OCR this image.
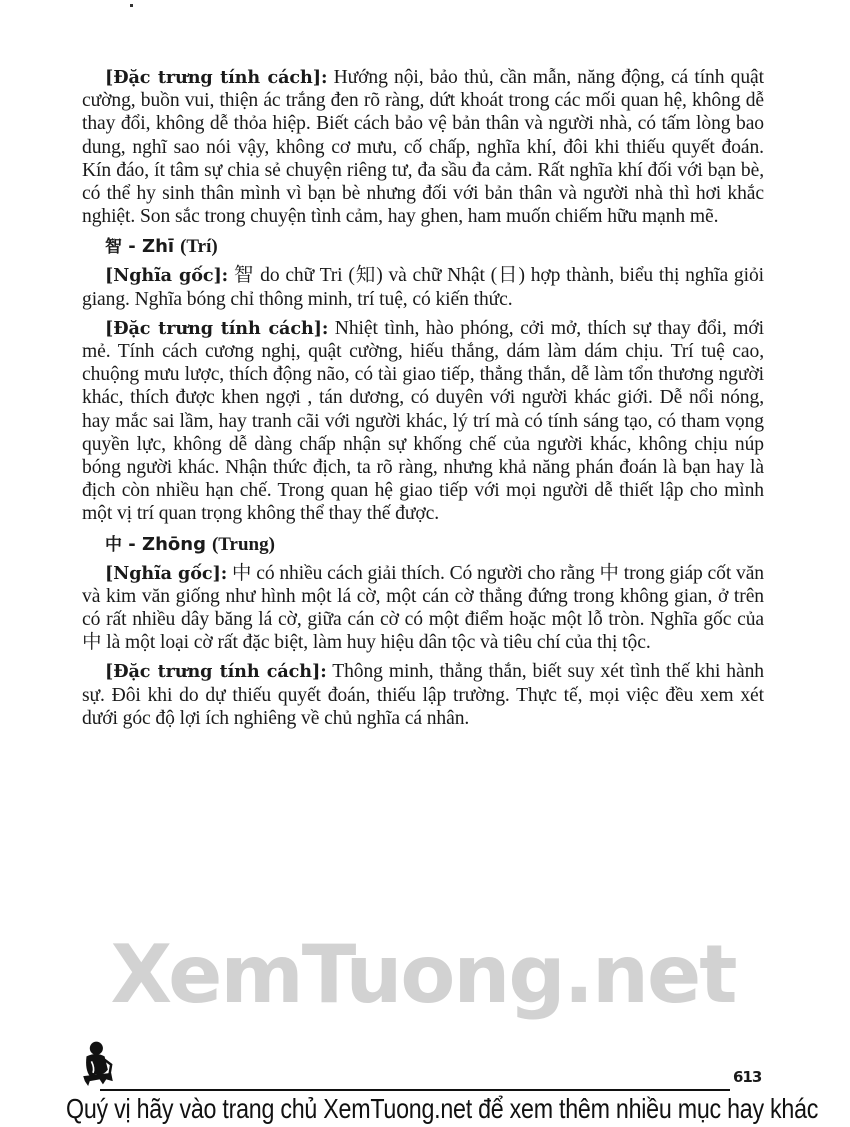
[Đặc trưng tính cách]: Hướng nội, bảo thủ, cần mẫn, năng động, cá tính quật cường, buồn vui, thiện ác trắng đen rõ ràng, dứt khoát trong các mối quan hệ, không dễ thay đổi, không dễ thỏa hiệp. Biết cách bảo vệ bản thân và người nhà, có tấm lòng bao dung, nghĩ sao nói vậy, không cơ mưu, cố chấp, nghĩa khí, đôi khi thiếu quyết đoán. Kín đáo, ít tâm sự chia sẻ chuyện riêng tư, đa sầu đa cảm. Rất nghĩa khí đối với bạn bè, có thể hy sinh thân mình vì bạn bè nhưng đối với bản thân và người nhà thì hơi khắc nghiệt. Son sắc trong chuyện tình cảm, hay ghen, ham muốn chiếm hữu mạnh mẽ.

智 - Zhī (Trí)

[Nghĩa gốc]: 智 do chữ Tri (知) và chữ Nhật (日) hợp thành, biểu thị nghĩa giỏi giang. Nghĩa bóng chỉ thông minh, trí tuệ, có kiến thức.

[Đặc trưng tính cách]: Nhiệt tình, hào phóng, cởi mở, thích sự thay đổi, mới mẻ. Tính cách cương nghị, quật cường, hiếu thắng, dám làm dám chịu. Trí tuệ cao, chuộng mưu lược, thích động não, có tài giao tiếp, thẳng thắn, dễ làm tổn thương người khác, thích được khen ngợi , tán dương, có duyên với người khác giới. Dễ nổi nóng, hay mắc sai lầm, hay tranh cãi với người khác, lý trí mà có tính sáng tạo, có tham vọng quyền lực, không dễ dàng chấp nhận sự khống chế của người khác, không chịu núp bóng người khác. Nhận thức địch, ta rõ ràng, nhưng khả năng phán đoán là bạn hay là địch còn nhiều hạn chế. Trong quan hệ giao tiếp với mọi người dễ thiết lập cho mình một vị trí quan trọng không thể thay thế được.

中 - Zhōng (Trung)

[Nghĩa gốc]: 中 có nhiều cách giải thích. Có người cho rằng 中 trong giáp cốt văn và kim văn giống như hình một lá cờ, một cán cờ thẳng đứng trong không gian, ở trên có rất nhiều dây băng lá cờ, giữa cán cờ có một điểm hoặc một lỗ tròn. Nghĩa gốc của 中 là một loại cờ rất đặc biệt, làm huy hiệu dân tộc và tiêu chí của thị tộc.

[Đặc trưng tính cách]: Thông minh, thẳng thắn, biết suy xét tình thế khi hành sự. Đôi khi do dự thiếu quyết đoán, thiếu lập trường. Thực tế, mọi việc đều xem xét dưới góc độ lợi ích nghiêng về chủ nghĩa cá nhân.

XemTuong.net
613
Quý vị hãy vào trang chủ XemTuong.net để xem thêm nhiều mục hay khác
